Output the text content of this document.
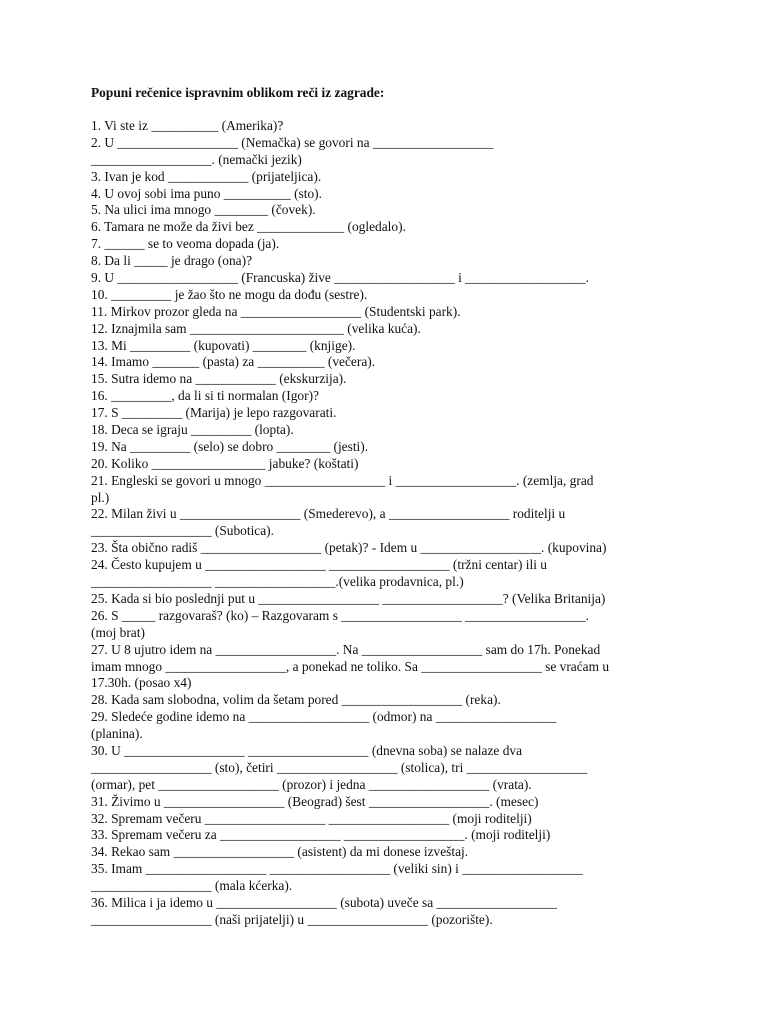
Popuni rečenice ispravnim oblikom reči iz zagrade:
1. Vi ste iz __________ (Amerika)?
2. U __________________ (Nemačka) se govori na __________________
__________________. (nemački jezik)
3. Ivan je kod ____________ (prijateljica).
4. U ovoj sobi ima puno __________ (sto).
5. Na ulici ima mnogo ________ (čovek).
6. Tamara ne može da živi bez _____________ (ogledalo).
7. ______ se to veoma dopada (ja).
8. Da li _____ je drago (ona)?
9. U __________________ (Francuska) žive __________________ i __________________.
10. _________ je žao što ne mogu da dođu (sestre).
11. Mirkov prozor gleda na __________________ (Studentski park).
12. Iznajmila sam _______________________ (velika kuća).
13. Mi _________ (kupovati) ________ (knjige).
14. Imamo _______ (pasta) za __________ (večera).
15. Sutra idemo na ____________ (ekskurzija).
16. _________, da li si ti normalan (Igor)?
17. S _________ (Marija) je lepo razgovarati.
18. Deca se igraju _________ (lopta).
19. Na _________ (selo) se dobro ________ (jesti).
20. Koliko _________________ jabuke? (koštati)
21. Engleski se govori u mnogo __________________ i __________________. (zemlja, grad
pl.)
22. Milan živi u __________________ (Smederevo), a __________________ roditelji u
__________________ (Subotica).
23. Šta obično radiš __________________ (petak)? - Idem u __________________. (kupovina)
24. Često kupujem u __________________ __________________ (tržni centar) ili u
__________________ __________________.(velika prodavnica, pl.)
25. Kada si bio poslednji put u __________________ __________________? (Velika Britanija)
26. S _____ razgovaraš? (ko) – Razgovaram s __________________ __________________.
(moj brat)
27. U 8 ujutro idem na __________________. Na __________________ sam do 17h. Ponekad
imam mnogo __________________, a ponekad ne toliko. Sa __________________ se vraćam u
17.30h. (posao x4)
28. Kada sam slobodna, volim da šetam pored __________________ (reka).
29. Sledeće godine idemo na __________________ (odmor) na __________________
(planina).
30. U __________________ __________________ (dnevna soba) se nalaze dva
__________________ (sto), četiri __________________ (stolica), tri __________________
(ormar), pet __________________ (prozor) i jedna __________________ (vrata).
31. Živimo u __________________ (Beograd) šest __________________. (mesec)
32. Spremam večeru __________________ __________________ (moji roditelji)
33. Spremam večeru za __________________ __________________. (moji roditelji)
34. Rekao sam __________________ (asistent) da mi donese izveštaj.
35. Imam __________________ __________________ (veliki sin) i __________________
__________________ (mala kćerka).
36. Milica i ja idemo u __________________ (subota) uveče sa __________________
__________________ (naši prijatelji) u __________________ (pozorište).
